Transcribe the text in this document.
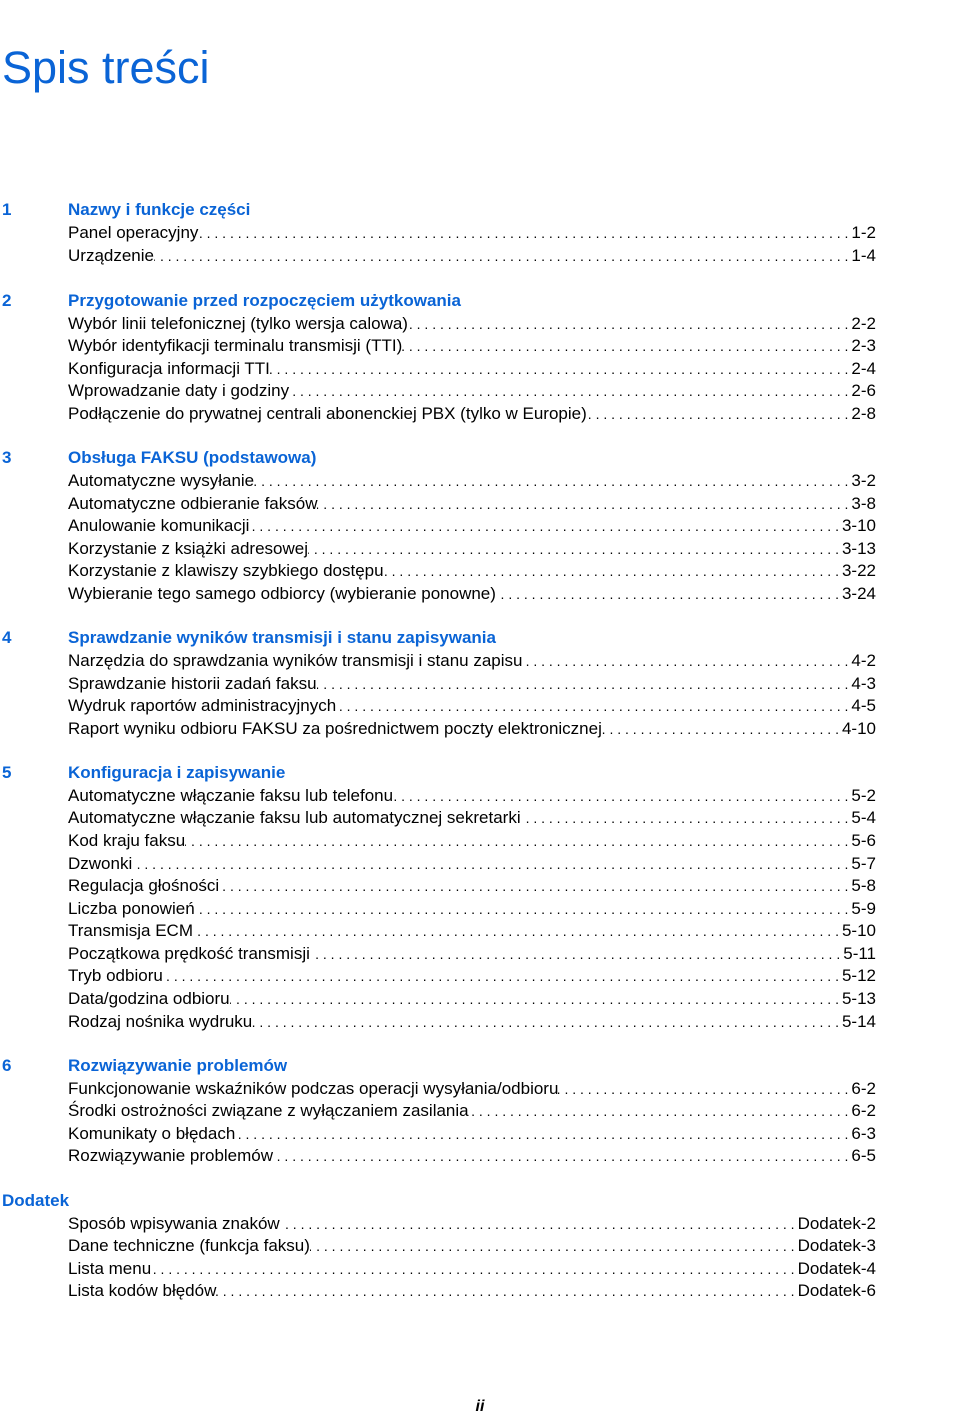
Spis treści
1	Nazwy i funkcje części
Panel operacyjny . . .	1-2
Urządzenie . . .	1-4
2	Przygotowanie przed rozpoczęciem użytkowania
Wybór linii telefonicznej (tylko wersja calowa) . . .	2-2
Wybór identyfikacji terminalu transmisji (TTI) . . .	2-3
Konfiguracja informacji TTI . . .	2-4
Wprowadzanie daty i godziny . . .	2-6
Podłączenie do prywatnej centrali abonenckiej PBX (tylko w Europie) . . .	2-8
3	Obsługa FAKSU (podstawowa)
Automatyczne wysyłanie . . .	3-2
Automatyczne odbieranie faksów . . .	3-8
Anulowanie komunikacji . . .	3-10
Korzystanie z książki adresowej . . .	3-13
Korzystanie z klawiszy szybkiego dostępu . . .	3-22
Wybieranie tego samego odbiorcy (wybieranie ponowne) . . .	3-24
4	Sprawdzanie wyników transmisji i stanu zapisywania
Narzędzia do sprawdzania wyników transmisji i stanu zapisu . . .	4-2
Sprawdzanie historii zadań faksu . . .	4-3
Wydruk raportów administracyjnych . . .	4-5
Raport wyniku odbioru FAKSU za pośrednictwem poczty elektronicznej . . .	4-10
5	Konfiguracja i zapisywanie
Automatyczne włączanie faksu lub telefonu . . .	5-2
Automatyczne włączanie faksu lub automatycznej sekretarki . . .	5-4
Kod kraju faksu . . .	5-6
Dzwonki . . .	5-7
Regulacja głośności . . .	5-8
Liczba ponowień . . .	5-9
Transmisja ECM . . .	5-10
Początkowa prędkość transmisji . . .	5-11
Tryb odbioru . . .	5-12
Data/godzina odbioru . . .	5-13
Rodzaj nośnika wydruku . . .	5-14
6	Rozwiązywanie problemów
Funkcjonowanie wskaźników podczas operacji wysyłania/odbioru . . .	6-2
Środki ostrożności związane z wyłączaniem zasilania . . .	6-2
Komunikaty o błędach . . .	6-3
Rozwiązywanie problemów . . .	6-5
Dodatek
Sposób wpisywania znaków . . .	Dodatek-2
Dane techniczne (funkcja faksu) . . .	Dodatek-3
Lista menu . . .	Dodatek-4
Lista kodów błędów . . .	Dodatek-6
ii
